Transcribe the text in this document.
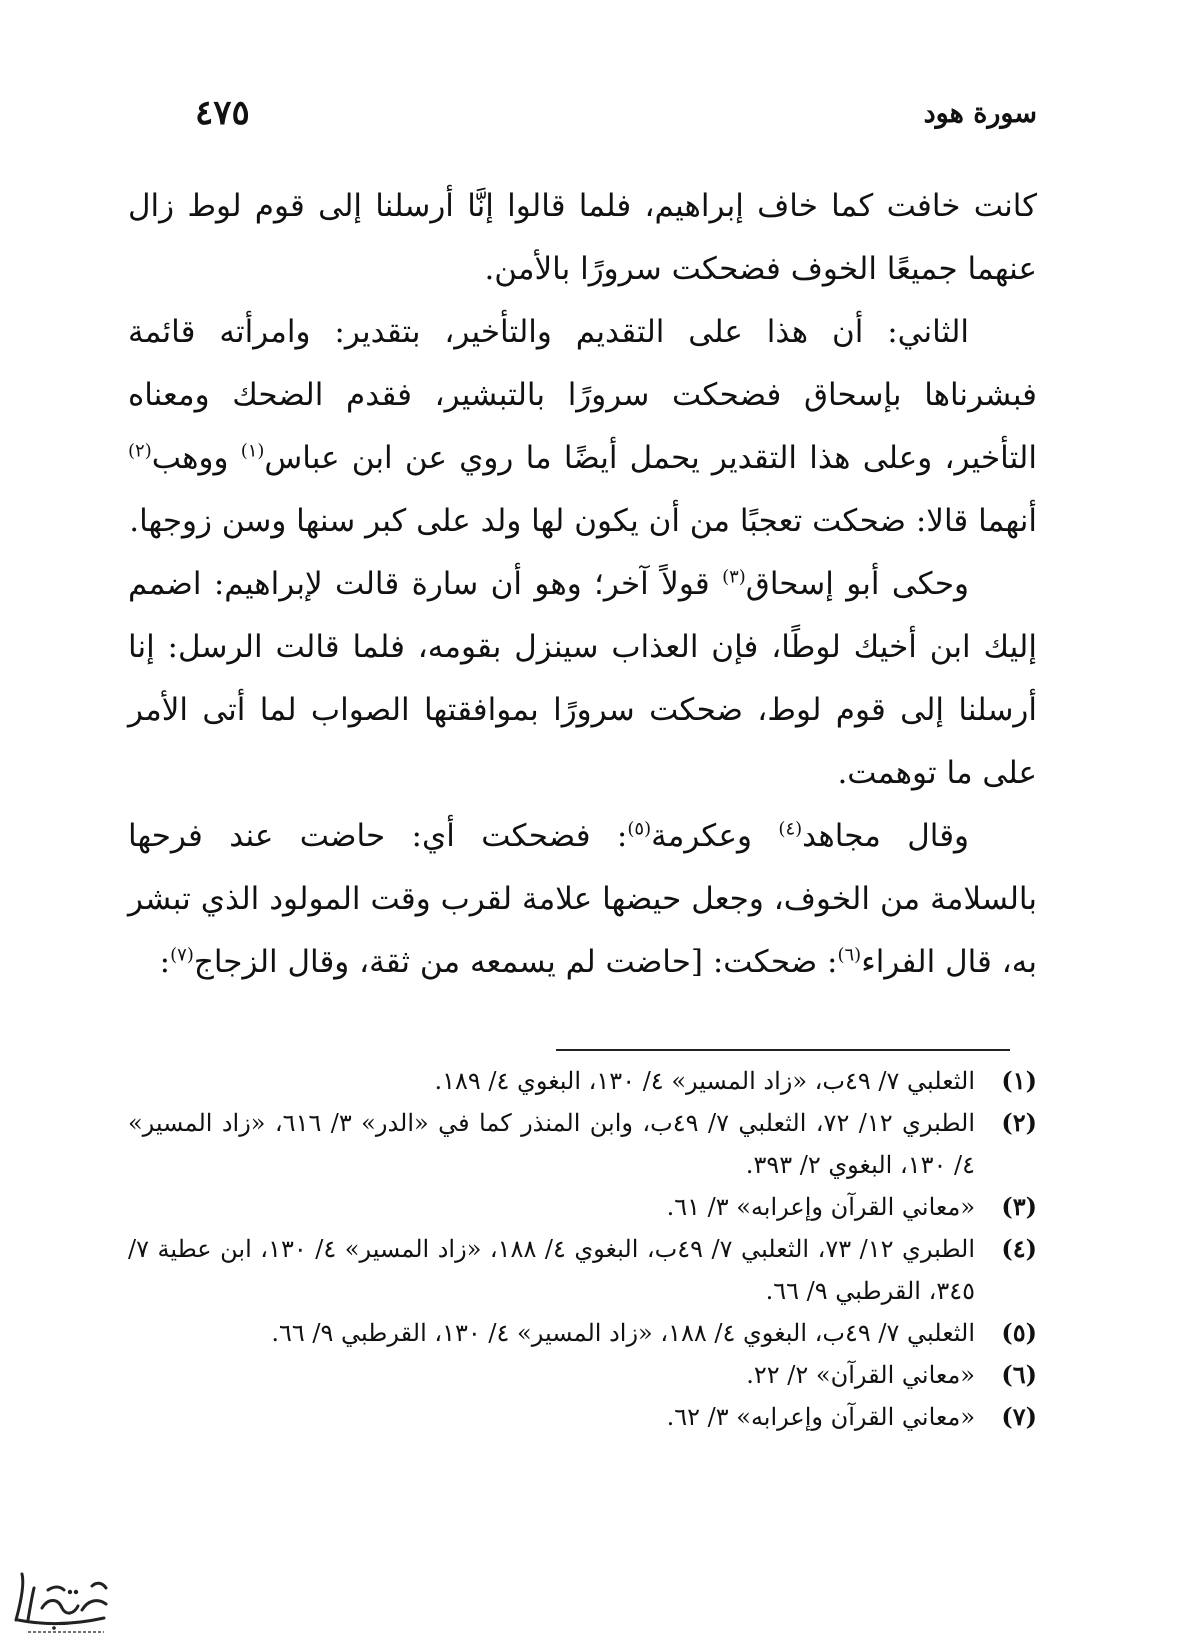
سورة هود
٤٧٥

كانت خافت كما خاف إبراهيم، فلما قالوا إنَّا أرسلنا إلى قوم لوط زال عنهما جميعًا الخوف فضحكت سرورًا بالأمن.

الثاني: أن هذا على التقديم والتأخير، بتقدير: وامرأته قائمة فبشرناها بإسحاق فضحكت سرورًا بالتبشير، فقدم الضحك ومعناه التأخير، وعلى هذا التقدير يحمل أيضًا ما روي عن ابن عباس$^{(١)}$ ووهب$^{(٢)}$ أنهما قالا: ضحكت تعجبًا من أن يكون لها ولد على كبر سنها وسن زوجها.

وحكى أبو إسحاق$^{(٣)}$ قولاً آخر؛ وهو أن سارة قالت لإبراهيم: اضمم إليك ابن أخيك لوطًا، فإن العذاب سينزل بقومه، فلما قالت الرسل: إنا أرسلنا إلى قوم لوط، ضحكت سرورًا بموافقتها الصواب لما أتى الأمر على ما توهمت.

وقال مجاهد$^{(٤)}$ وعكرمة$^{(٥)}$: فضحكت أي: حاضت عند فرحها بالسلامة من الخوف، وجعل حيضها علامة لقرب وقت المولود الذي تبشر به، قال الفراء$^{(٦)}$: ضحكت: [حاضت لم يسمعه من ثقة، وقال الزجاج$^{(٧)}$:

(١)
الثعلبي ٧/ ٤٩ب، «زاد المسير» ٤/ ١٣٠، البغوي ٤/ ١٨٩.
(٢)
الطبري ١٢/ ٧٢، الثعلبي ٧/ ٤٩ب، وابن المنذر كما في «الدر» ٣/ ٦١٦، «زاد المسير» ٤/ ١٣٠، البغوي ٢/ ٣٩٣.
(٣)
«معاني القرآن وإعرابه» ٣/ ٦١.
(٤)
الطبري ١٢/ ٧٣، الثعلبي ٧/ ٤٩ب، البغوي ٤/ ١٨٨، «زاد المسير» ٤/ ١٣٠، ابن عطية ٧/ ٣٤٥، القرطبي ٩/ ٦٦.
(٥)
الثعلبي ٧/ ٤٩ب، البغوي ٤/ ١٨٨، «زاد المسير» ٤/ ١٣٠، القرطبي ٩/ ٦٦.
(٦)
«معاني القرآن» ٢/ ٢٢.
(٧)
«معاني القرآن وإعرابه» ٣/ ٦٢.
